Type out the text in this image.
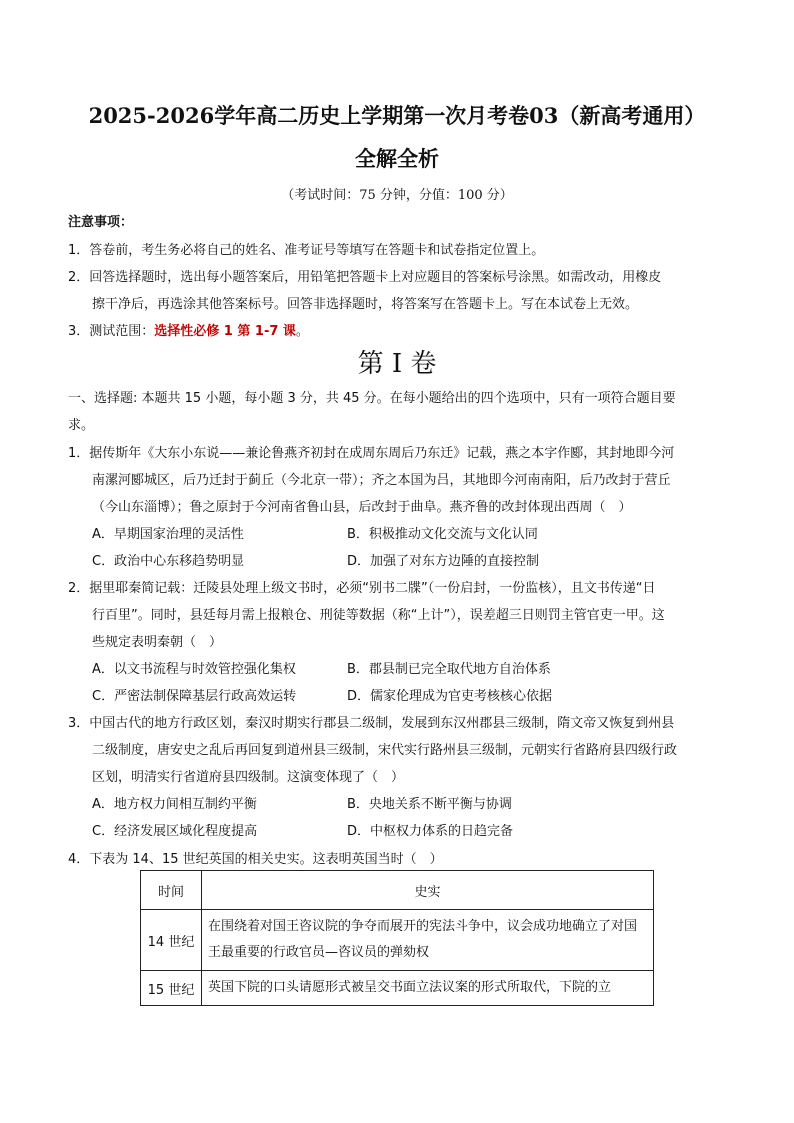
2025-2026学年高二历史上学期第一次月考卷03（新高考通用）
全解全析
（考试时间：75 分钟，分值：100 分）
注意事项：
1．答卷前，考生务必将自己的姓名、准考证号等填写在答题卡和试卷指定位置上。
2．回答选择题时，选出每小题答案后，用铅笔把答题卡上对应题目的答案标号涂黑。如需改动，用橡皮
擦干净后，再选涂其他答案标号。回答非选择题时，将答案写在答题卡上。写在本试卷上无效。
3．测试范围：选择性必修 1 第 1-7 课。
第 I 卷
一、选择题: 本题共 15 小题，每小题 3 分，共 45 分。在每小题给出的四个选项中，只有一项符合题目要
求。
1．据传斯年《大东小东说——兼论鲁燕齐初封在成周东周后乃东迁》记载，燕之本字作郾，其封地即今河
南漯河郾城区，后乃迁封于蓟丘（今北京一带）；齐之本国为吕，其地即今河南南阳，后乃改封于营丘
（今山东淄博）；鲁之原封于今河南省鲁山县，后改封于曲阜。燕齐鲁的改封体现出西周（　）
A．早期国家治理的灵活性	B．积极推动文化交流与文化认同
C．政治中心东移趋势明显	D．加强了对东方边陲的直接控制
2．据里耶秦简记载：迁陵县处理上级文书时，必须“别书二牒”（一份启封，一份监核），且文书传递“日
行百里”。同时，县廷每月需上报粮仓、刑徒等数据（称“上计”），误差超三日则罚主管官吏一甲。这
些规定表明秦朝（　）
A．以文书流程与时效管控强化集权	B．郡县制已完全取代地方自治体系
C．严密法制保障基层行政高效运转	D．儒家伦理成为官吏考核核心依据
3．中国古代的地方行政区划，秦汉时期实行郡县二级制，发展到东汉州郡县三级制，隋文帝又恢复到州县
二级制度，唐安史之乱后再回复到道州县三级制，宋代实行路州县三级制，元朝实行省路府县四级行政
区划，明清实行省道府县四级制。这演变体现了（　）
A．地方权力间相互制约平衡	B．央地关系不断平衡与协调
C．经济发展区域化程度提高	D．中枢权力体系的日趋完备
4．下表为 14、15 世纪英国的相关史实。这表明英国当时（　）
时间	史实
14 世纪	在围绕着对国王咨议院的争夺而展开的宪法斗争中，议会成功地确立了对国王最重要的行政官员—咨议员的弹劾权
15 世纪	英国下院的口头请愿形式被呈交书面立法议案的形式所取代，下院的立
